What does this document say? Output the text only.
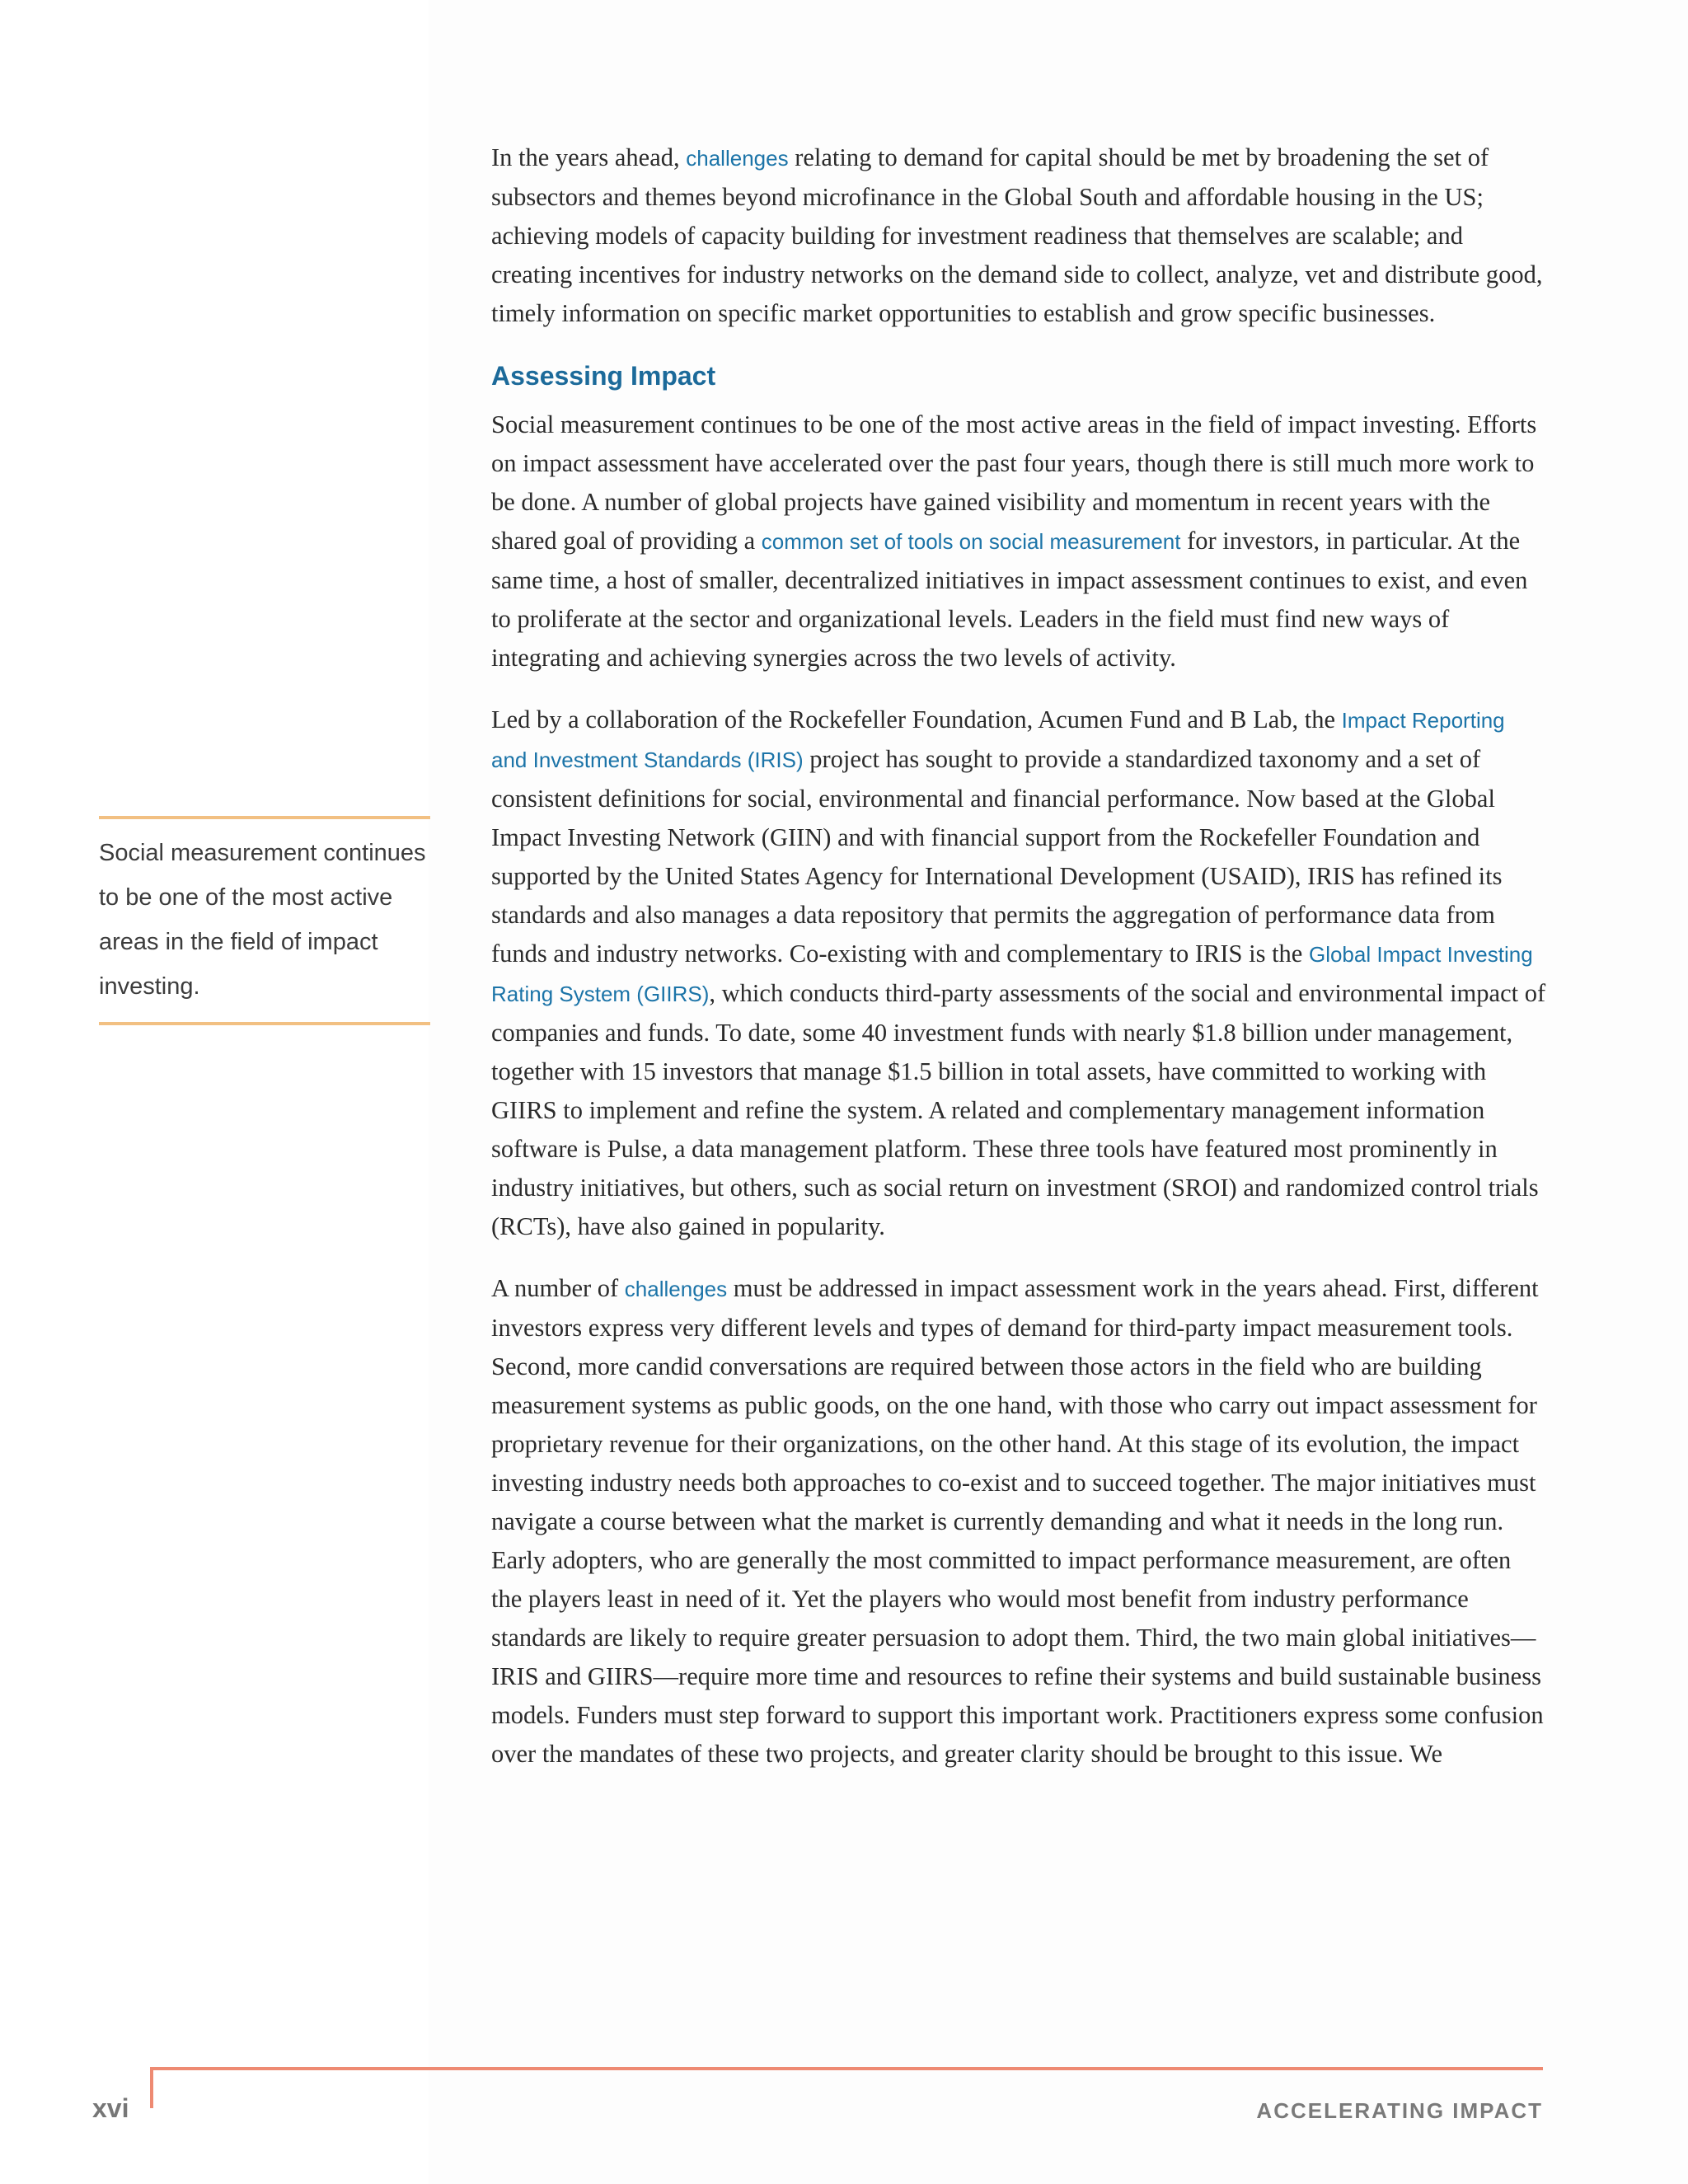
In the years ahead, challenges relating to demand for capital should be met by broadening the set of subsectors and themes beyond microfinance in the Global South and affordable housing in the US; achieving models of capacity building for investment readiness that themselves are scalable; and creating incentives for industry networks on the demand side to collect, analyze, vet and distribute good, timely information on specific market opportunities to establish and grow specific businesses.

Assessing Impact

Social measurement continues to be one of the most active areas in the field of impact investing. Efforts on impact assessment have accelerated over the past four years, though there is still much more work to be done. A number of global projects have gained visibility and momentum in recent years with the shared goal of providing a common set of tools on social measurement for investors, in particular. At the same time, a host of smaller, decentralized initiatives in impact assessment continues to exist, and even to proliferate at the sector and organizational levels. Leaders in the field must find new ways of integrating and achieving synergies across the two levels of activity.

Led by a collaboration of the Rockefeller Foundation, Acumen Fund and B Lab, the Impact Reporting and Investment Standards (IRIS) project has sought to provide a standardized taxonomy and a set of consistent definitions for social, environmental and financial performance. Now based at the Global Impact Investing Network (GIIN) and with financial support from the Rockefeller Foundation and supported by the United States Agency for International Development (USAID), IRIS has refined its standards and also manages a data repository that permits the aggregation of performance data from funds and industry networks. Co-existing with and complementary to IRIS is the Global Impact Investing Rating System (GIIRS), which conducts third-party assessments of the social and environmental impact of companies and funds. To date, some 40 investment funds with nearly $1.8 billion under management, together with 15 investors that manage $1.5 billion in total assets, have committed to working with GIIRS to implement and refine the system. A related and complementary management information software is Pulse, a data management platform. These three tools have featured most prominently in industry initiatives, but others, such as social return on investment (SROI) and randomized control trials (RCTs), have also gained in popularity.

A number of challenges must be addressed in impact assessment work in the years ahead. First, different investors express very different levels and types of demand for third-party impact measurement tools. Second, more candid conversations are required between those actors in the field who are building measurement systems as public goods, on the one hand, with those who carry out impact assessment for proprietary revenue for their organizations, on the other hand. At this stage of its evolution, the impact investing industry needs both approaches to co-exist and to succeed together. The major initiatives must navigate a course between what the market is currently demanding and what it needs in the long run. Early adopters, who are generally the most committed to impact performance measurement, are often the players least in need of it. Yet the players who would most benefit from industry performance standards are likely to require greater persuasion to adopt them. Third, the two main global initiatives—IRIS and GIIRS—require more time and resources to refine their systems and build sustainable business models. Funders must step forward to support this important work. Practitioners express some confusion over the mandates of these two projects, and greater clarity should be brought to this issue. We

Social measurement continues to be one of the most active areas in the field of impact investing.

xvi	ACCELERATING IMPACT
